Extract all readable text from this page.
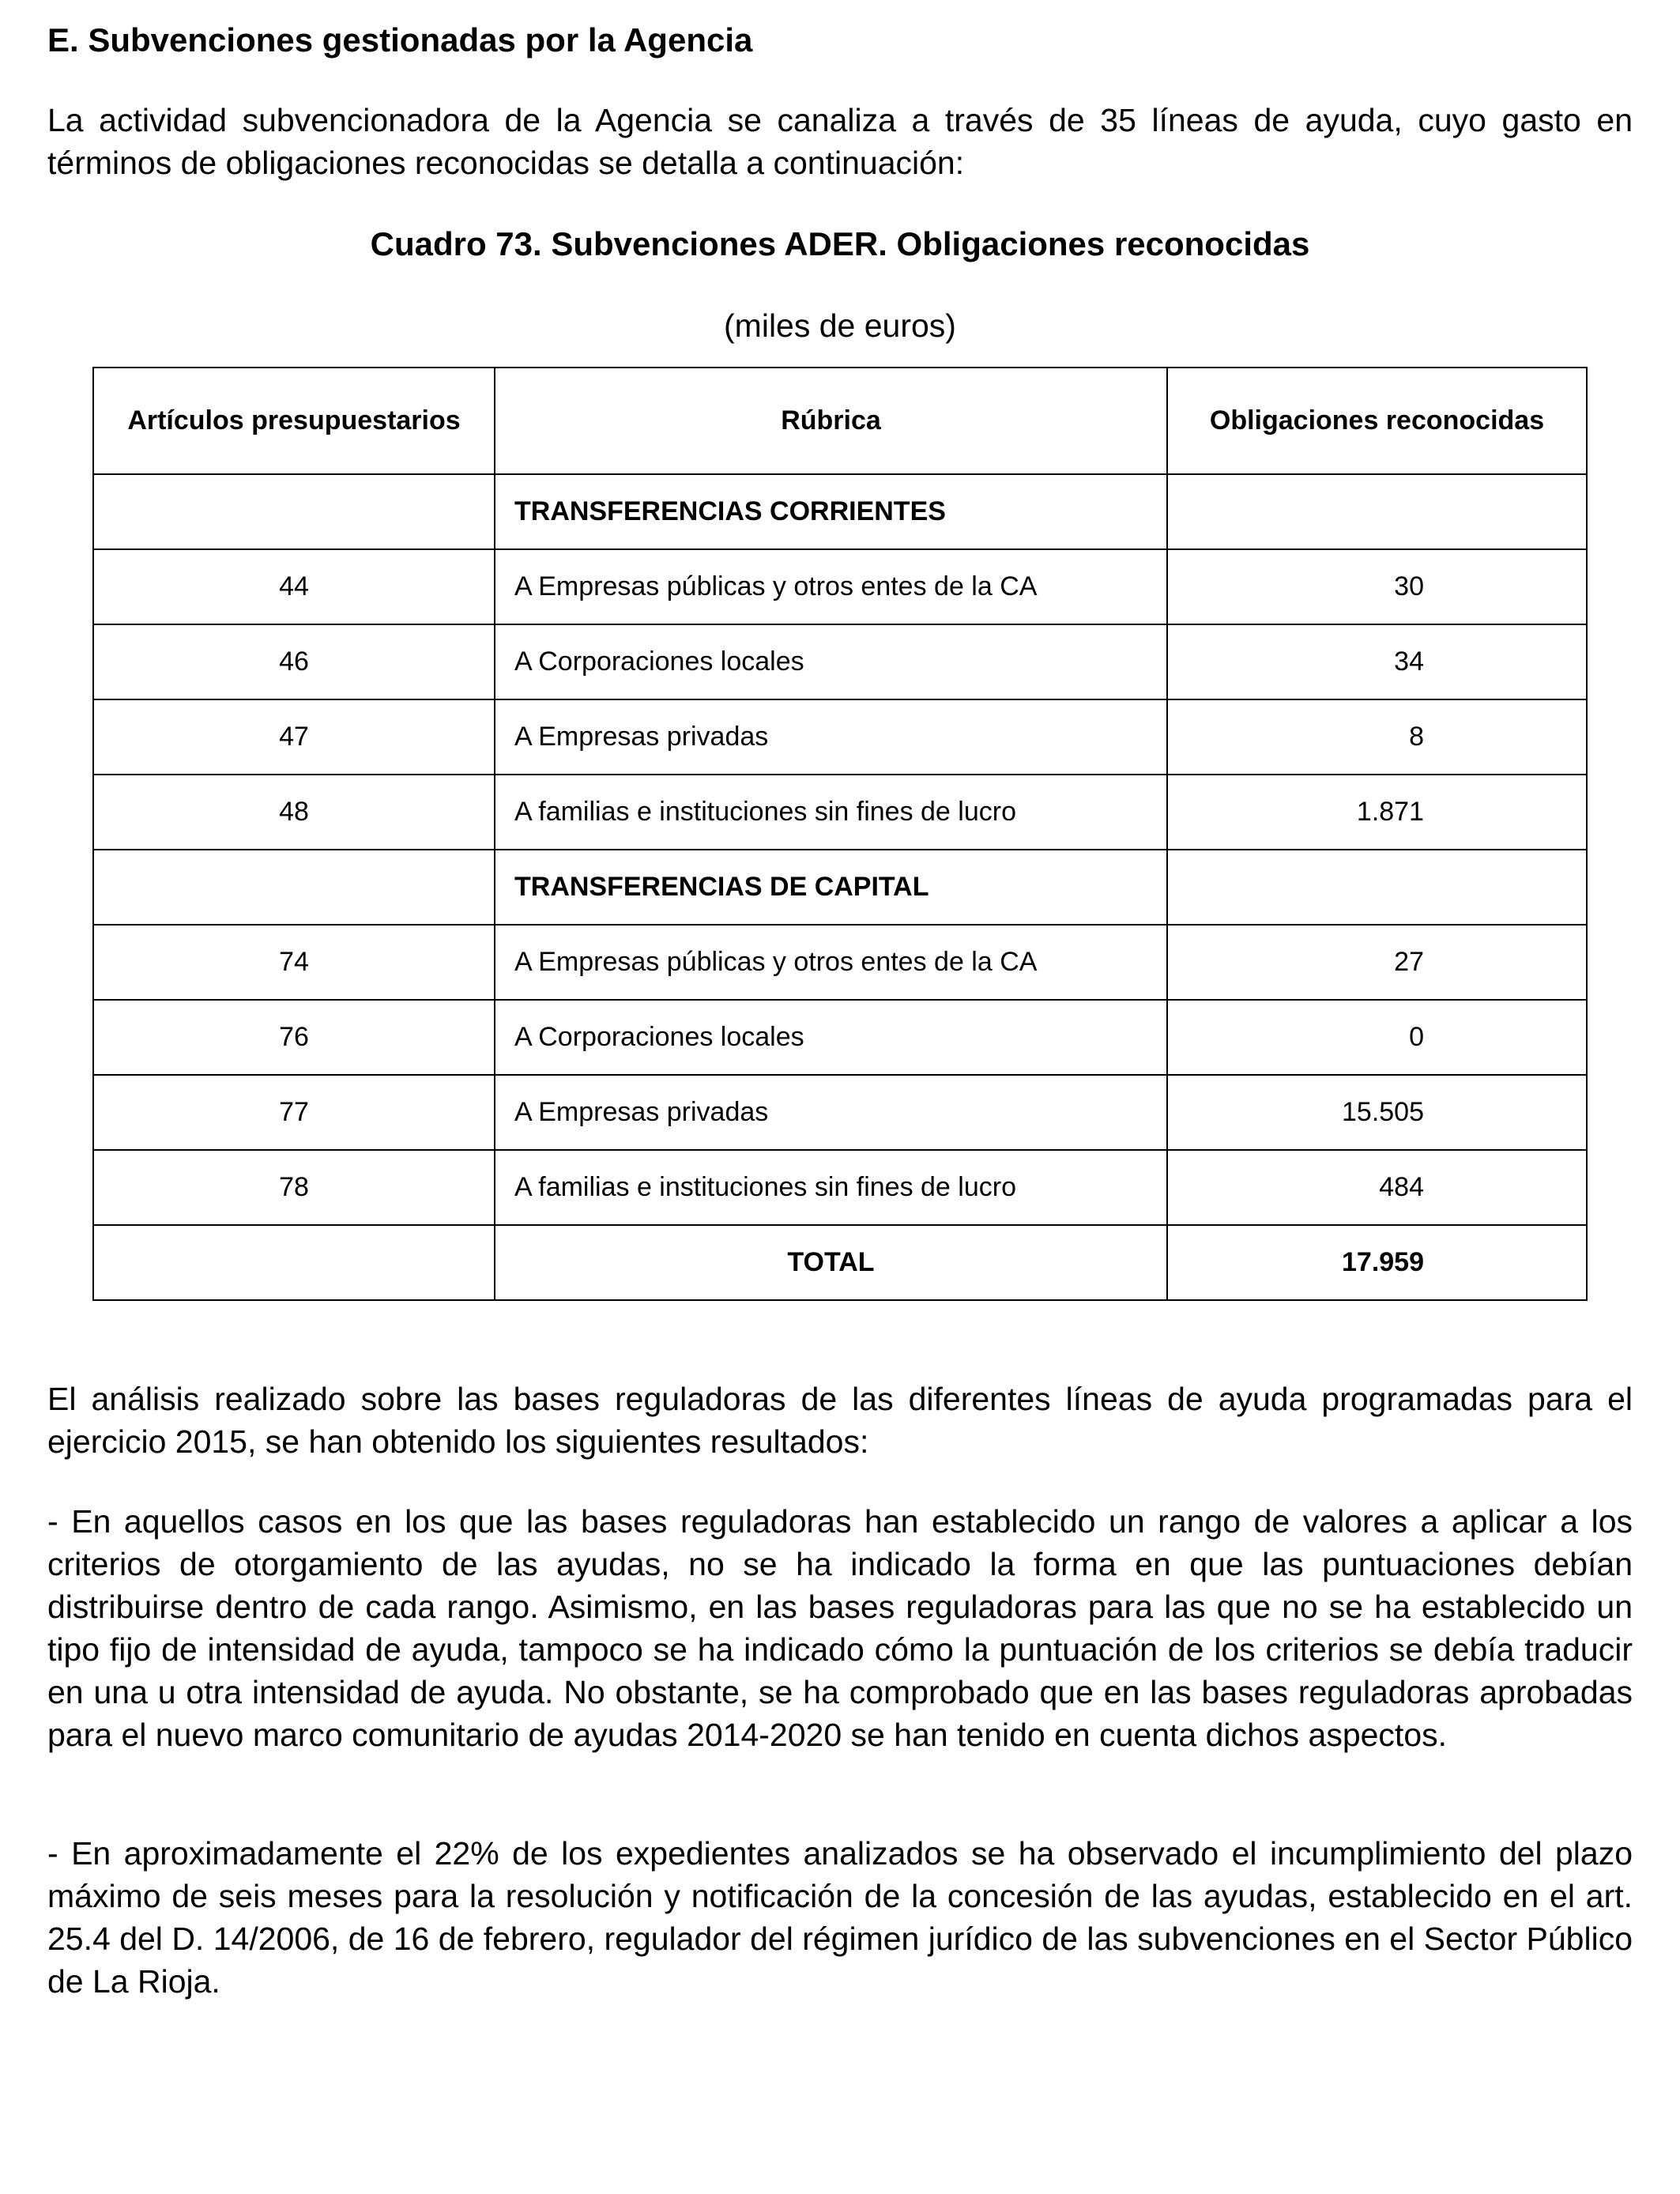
E. Subvenciones gestionadas por la Agencia
La actividad subvencionadora de la Agencia se canaliza a través de 35 líneas de ayuda, cuyo gasto en términos de obligaciones reconocidas se detalla a continuación:
Cuadro 73. Subvenciones ADER. Obligaciones reconocidas
(miles de euros)
Artículos presupuestarios	Rúbrica	Obligaciones reconocidas
	TRANSFERENCIAS CORRIENTES	
44	A Empresas públicas y otros entes de la CA	30
46	A Corporaciones locales	34
47	A Empresas privadas	8
48	A familias e instituciones sin fines de lucro	1.871
	TRANSFERENCIAS DE CAPITAL	
74	A Empresas públicas y otros entes de la CA	27
76	A Corporaciones locales	0
77	A Empresas privadas	15.505
78	A familias e instituciones sin fines de lucro	484
	TOTAL	17.959
El análisis realizado sobre las bases reguladoras de las diferentes líneas de ayuda programadas para el ejercicio 2015, se han obtenido los siguientes resultados:
- En aquellos casos en los que las bases reguladoras han establecido un rango de valores a aplicar a los criterios de otorgamiento de las ayudas, no se ha indicado la forma en que las puntuaciones debían distribuirse dentro de cada rango. Asimismo, en las bases reguladoras para las que no se ha establecido un tipo fijo de intensidad de ayuda, tampoco se ha indicado cómo la puntuación de los criterios se debía traducir en una u otra intensidad de ayuda. No obstante, se ha comprobado que en las bases reguladoras aprobadas para el nuevo marco comunitario de ayudas 2014-2020 se han tenido en cuenta dichos aspectos.
- En aproximadamente el 22% de los expedientes analizados se ha observado el incumplimiento del plazo máximo de seis meses para la resolución y notificación de la concesión de las ayudas, establecido en el art. 25.4 del D. 14/2006, de 16 de febrero, regulador del régimen jurídico de las subvenciones en el Sector Público de La Rioja.
